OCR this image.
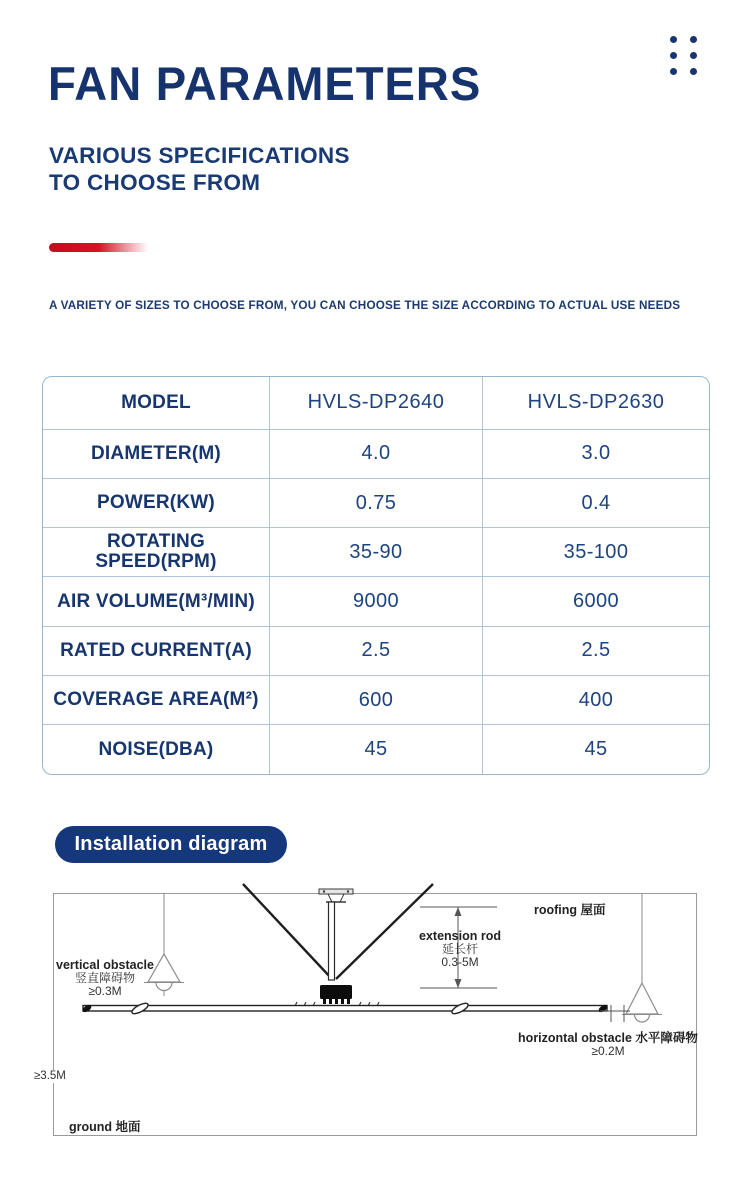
FAN PARAMETERS
VARIOUS SPECIFICATIONS
TO CHOOSE FROM
A VARIETY OF SIZES TO CHOOSE FROM, YOU CAN CHOOSE THE SIZE ACCORDING TO ACTUAL USE NEEDS
MODEL	HVLS-DP2640	HVLS-DP2630
DIAMETER(M)	4.0	3.0
POWER(KW)	0.75	0.4
ROTATING SPEED(RPM)	35-90	35-100
AIR VOLUME(M³/MIN)	9000	6000
RATED CURRENT(A)	2.5	2.5
COVERAGE AREA(M²)	600	400
NOISE(DBA)	45	45
Installation diagram
roofing 屋面
extension rod
延长杆
0.3-5M
vertical obstacle
竖直障碍物
≥0.3M
horizontal obstacle 水平障碍物
≥0.2M
≥3.5M
ground 地面
